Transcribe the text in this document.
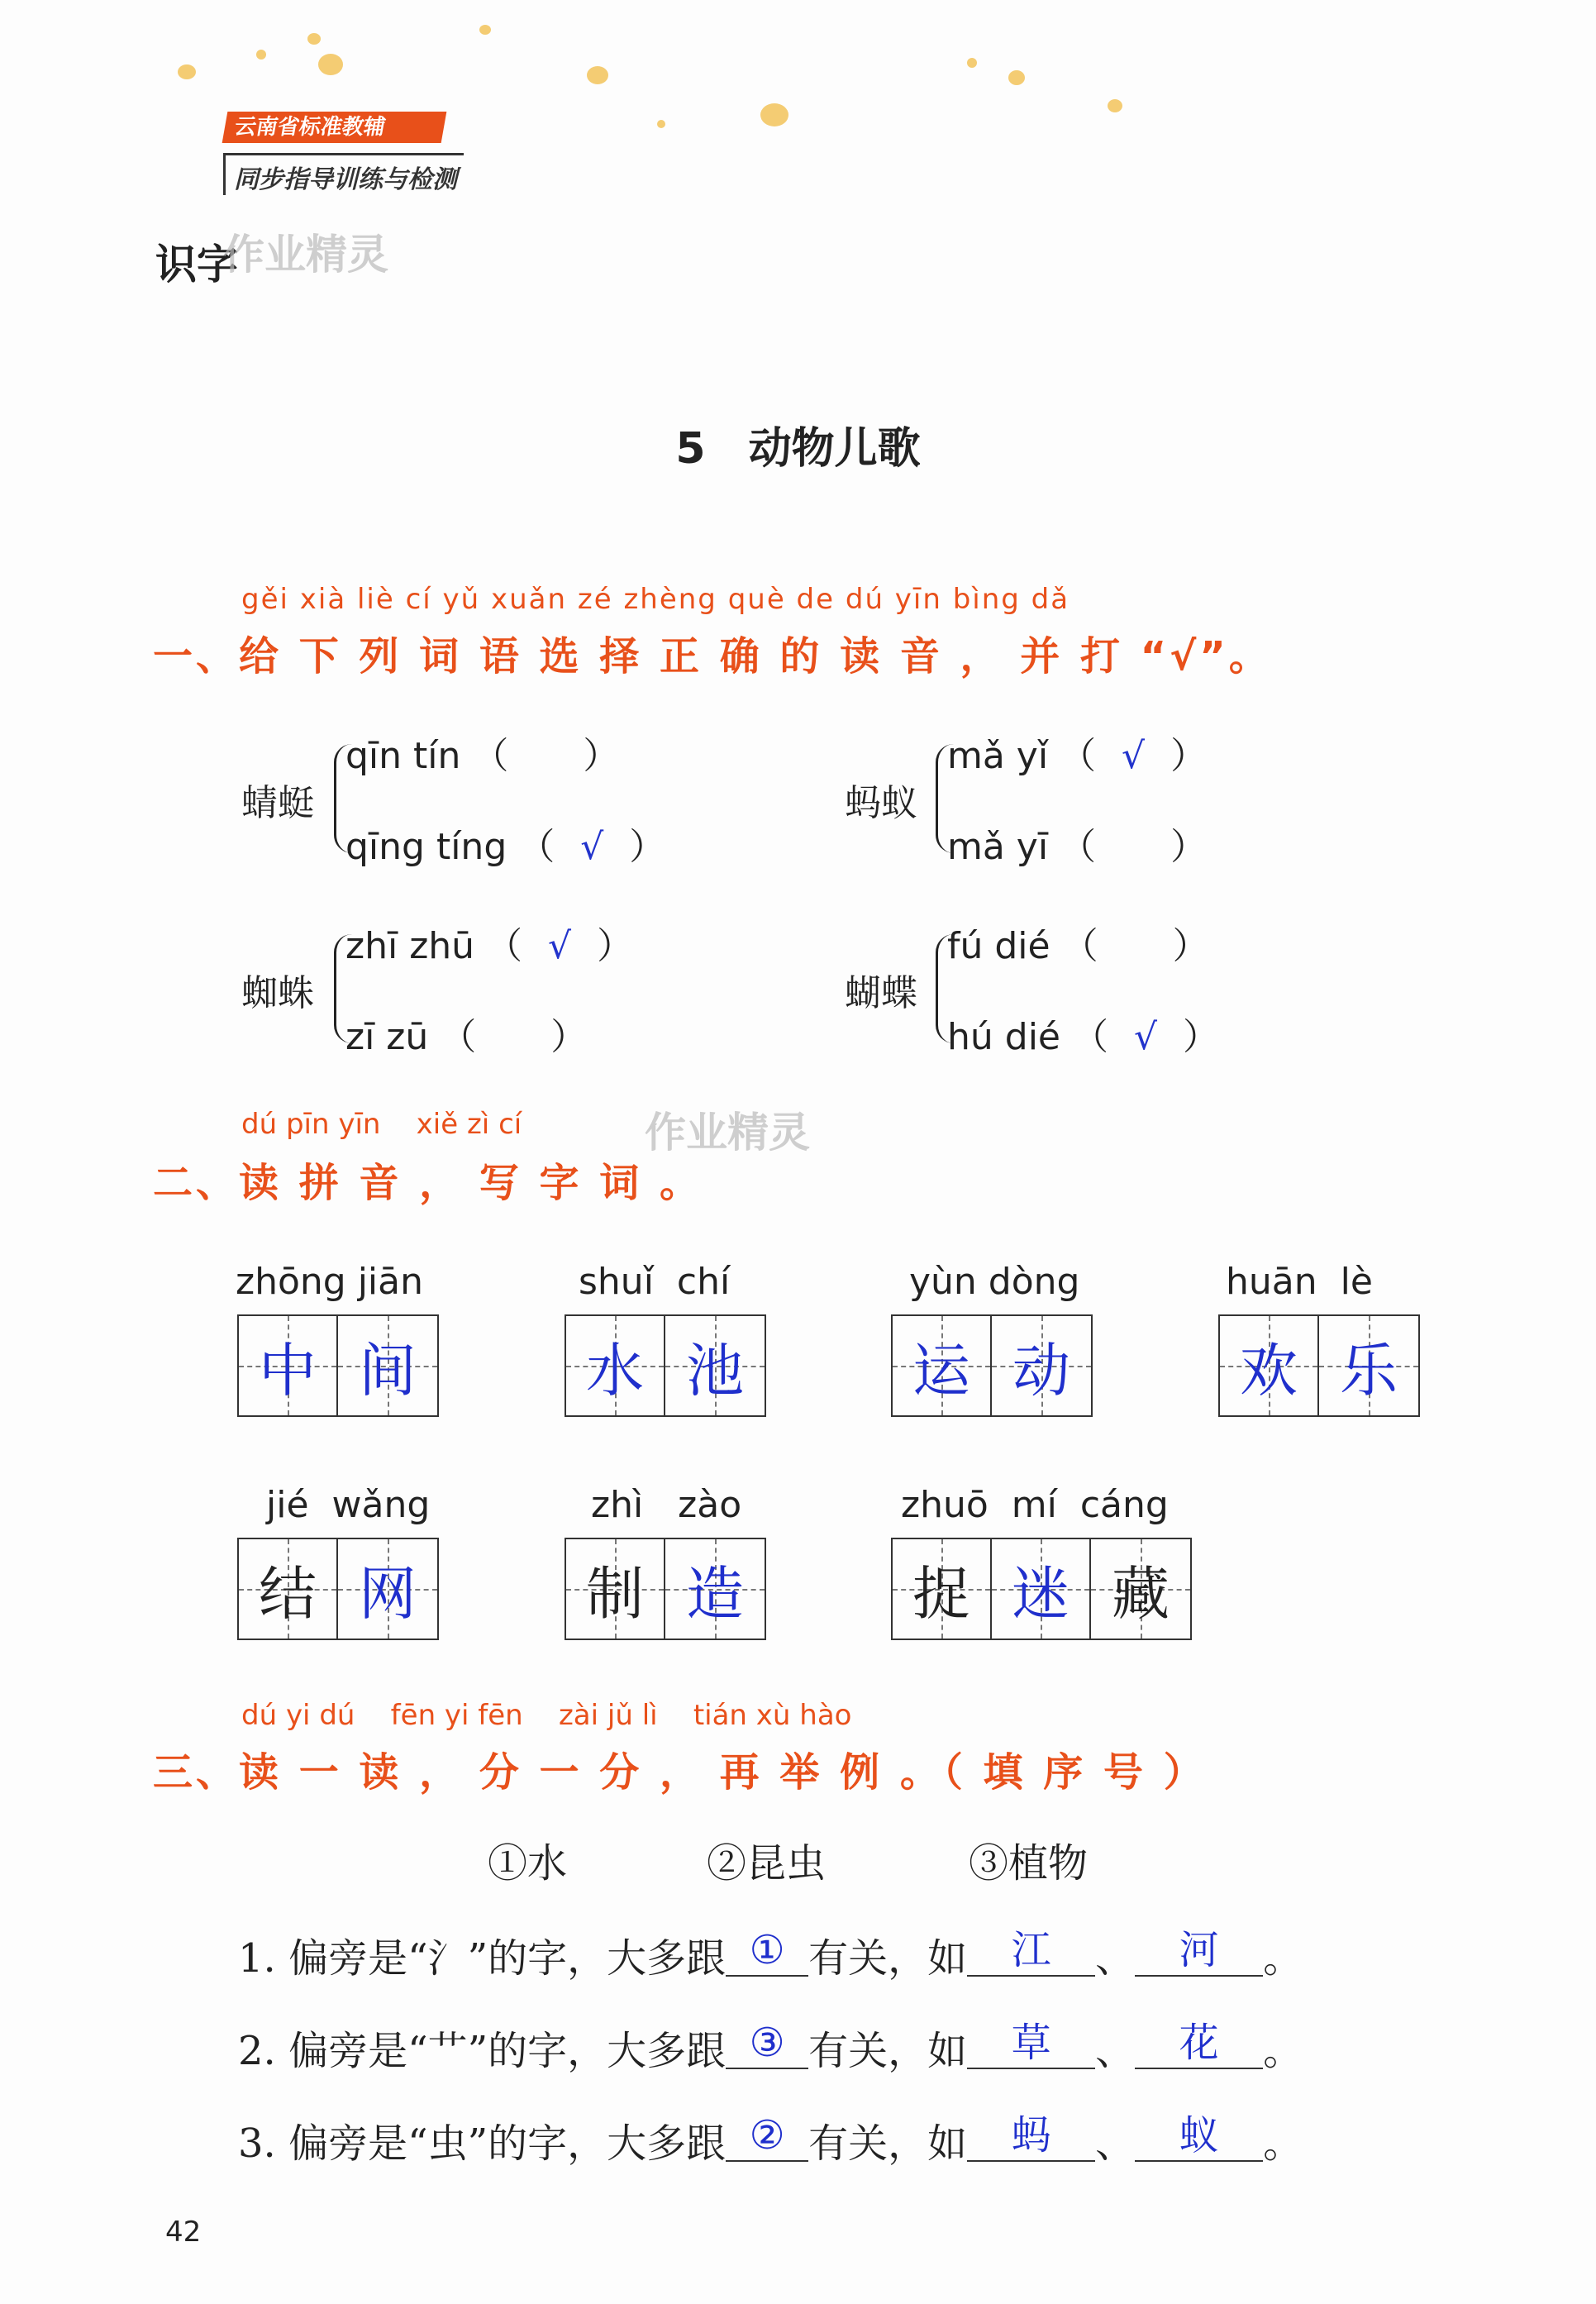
云南省标准教辅
同步指导训练与检测
识字
作业精灵
5　动物儿歌
gěi xià liè cí yǔ xuǎn zé zhèng què de dú yīn bìng dǎ
一、给 下 列 词 语 选 择 正 确 的 读 音 ， 并 打 “√”。
蜻蜓
qīn tín （ ）
qīng tíng （ √ ）
蚂蚁
mǎ yǐ （ √ ）
mǎ yī （ ）
蜘蛛
zhī zhū （ √ ）
zī zū （ ）
蝴蝶
fú dié （ ）
hú dié （ √ ）
dú pīn yīn    xiě zì cí	作业精灵
二、读 拼 音 ， 写 字 词 。
zhōng jiān
中 间
shuǐ  chí
水 池
yùn dòng
运 动
huān  lè
欢 乐
jié  wǎng
结 网
zhì   zào
制 造
zhuō  mí  cáng
捉 迷 藏
dú yi dú    fēn yi fēn    zài jǔ lì    tián xù hào
三、读 一 读 ， 分 一 分 ， 再 举 例 。（ 填 序 号 ）
①水	②昆虫	③植物
1. 偏旁是“氵”的字，大多跟 ① 有关，如 江 、 河 。
2. 偏旁是“艹”的字，大多跟 ③ 有关，如 草 、 花 。
3. 偏旁是“虫”的字，大多跟 ② 有关，如 蚂 、 蚁 。
42
